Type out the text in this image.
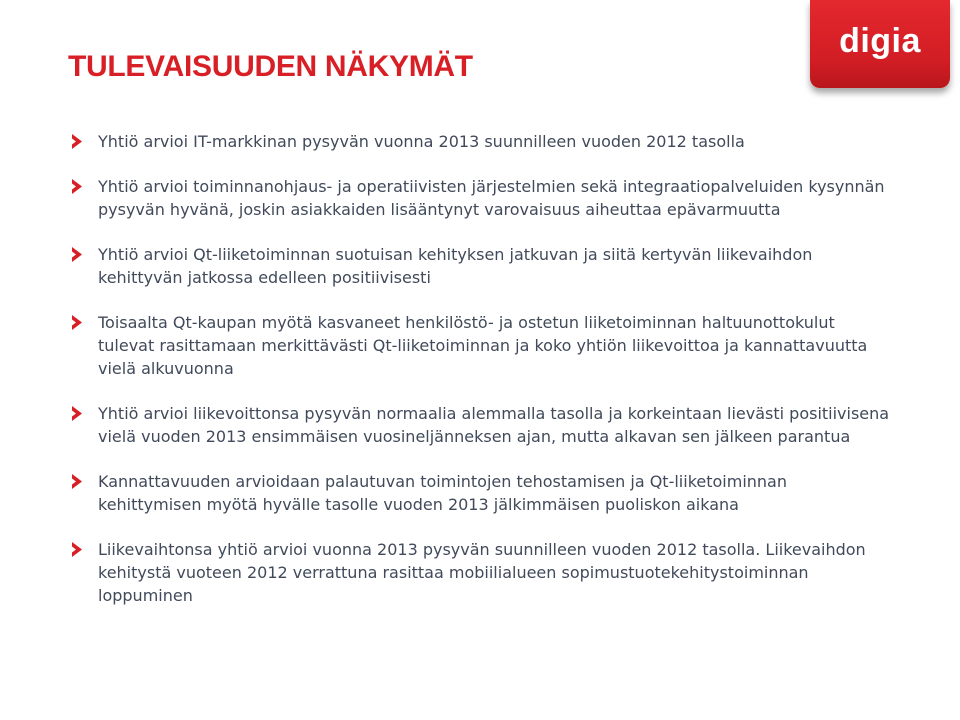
TULEVAISUUDEN NÄKYMÄT
digia
Yhtiö arvioi IT-markkinan pysyvän vuonna 2013 suunnilleen vuoden 2012 tasolla
Yhtiö arvioi toiminnanohjaus- ja operatiivisten järjestelmien sekä integraatiopalveluiden kysynnän pysyvän hyvänä, joskin asiakkaiden lisääntynyt varovaisuus aiheuttaa epävarmuutta
Yhtiö arvioi Qt-liiketoiminnan suotuisan kehityksen jatkuvan ja siitä kertyvän liikevaihdon kehittyvän jatkossa edelleen positiivisesti
Toisaalta Qt-kaupan myötä kasvaneet henkilöstö- ja ostetun liiketoiminnan haltuunottokulut tulevat rasittamaan merkittävästi Qt-liiketoiminnan ja koko yhtiön liikevoittoa ja kannattavuutta vielä alkuvuonna
Yhtiö arvioi liikevoittonsa pysyvän normaalia alemmalla tasolla ja korkeintaan lievästi positiivisena vielä vuoden 2013 ensimmäisen vuosineljänneksen ajan, mutta alkavan sen jälkeen parantua
Kannattavuuden arvioidaan palautuvan toimintojen tehostamisen ja Qt-liiketoiminnan kehittymisen myötä hyvälle tasolle vuoden 2013 jälkimmäisen puoliskon aikana
Liikevaihtonsa yhtiö arvioi vuonna 2013 pysyvän suunnilleen vuoden 2012 tasolla. Liikevaihdon kehitystä vuoteen 2012 verrattuna rasittaa mobiilialueen sopimustuotekehitystoiminnan loppuminen
